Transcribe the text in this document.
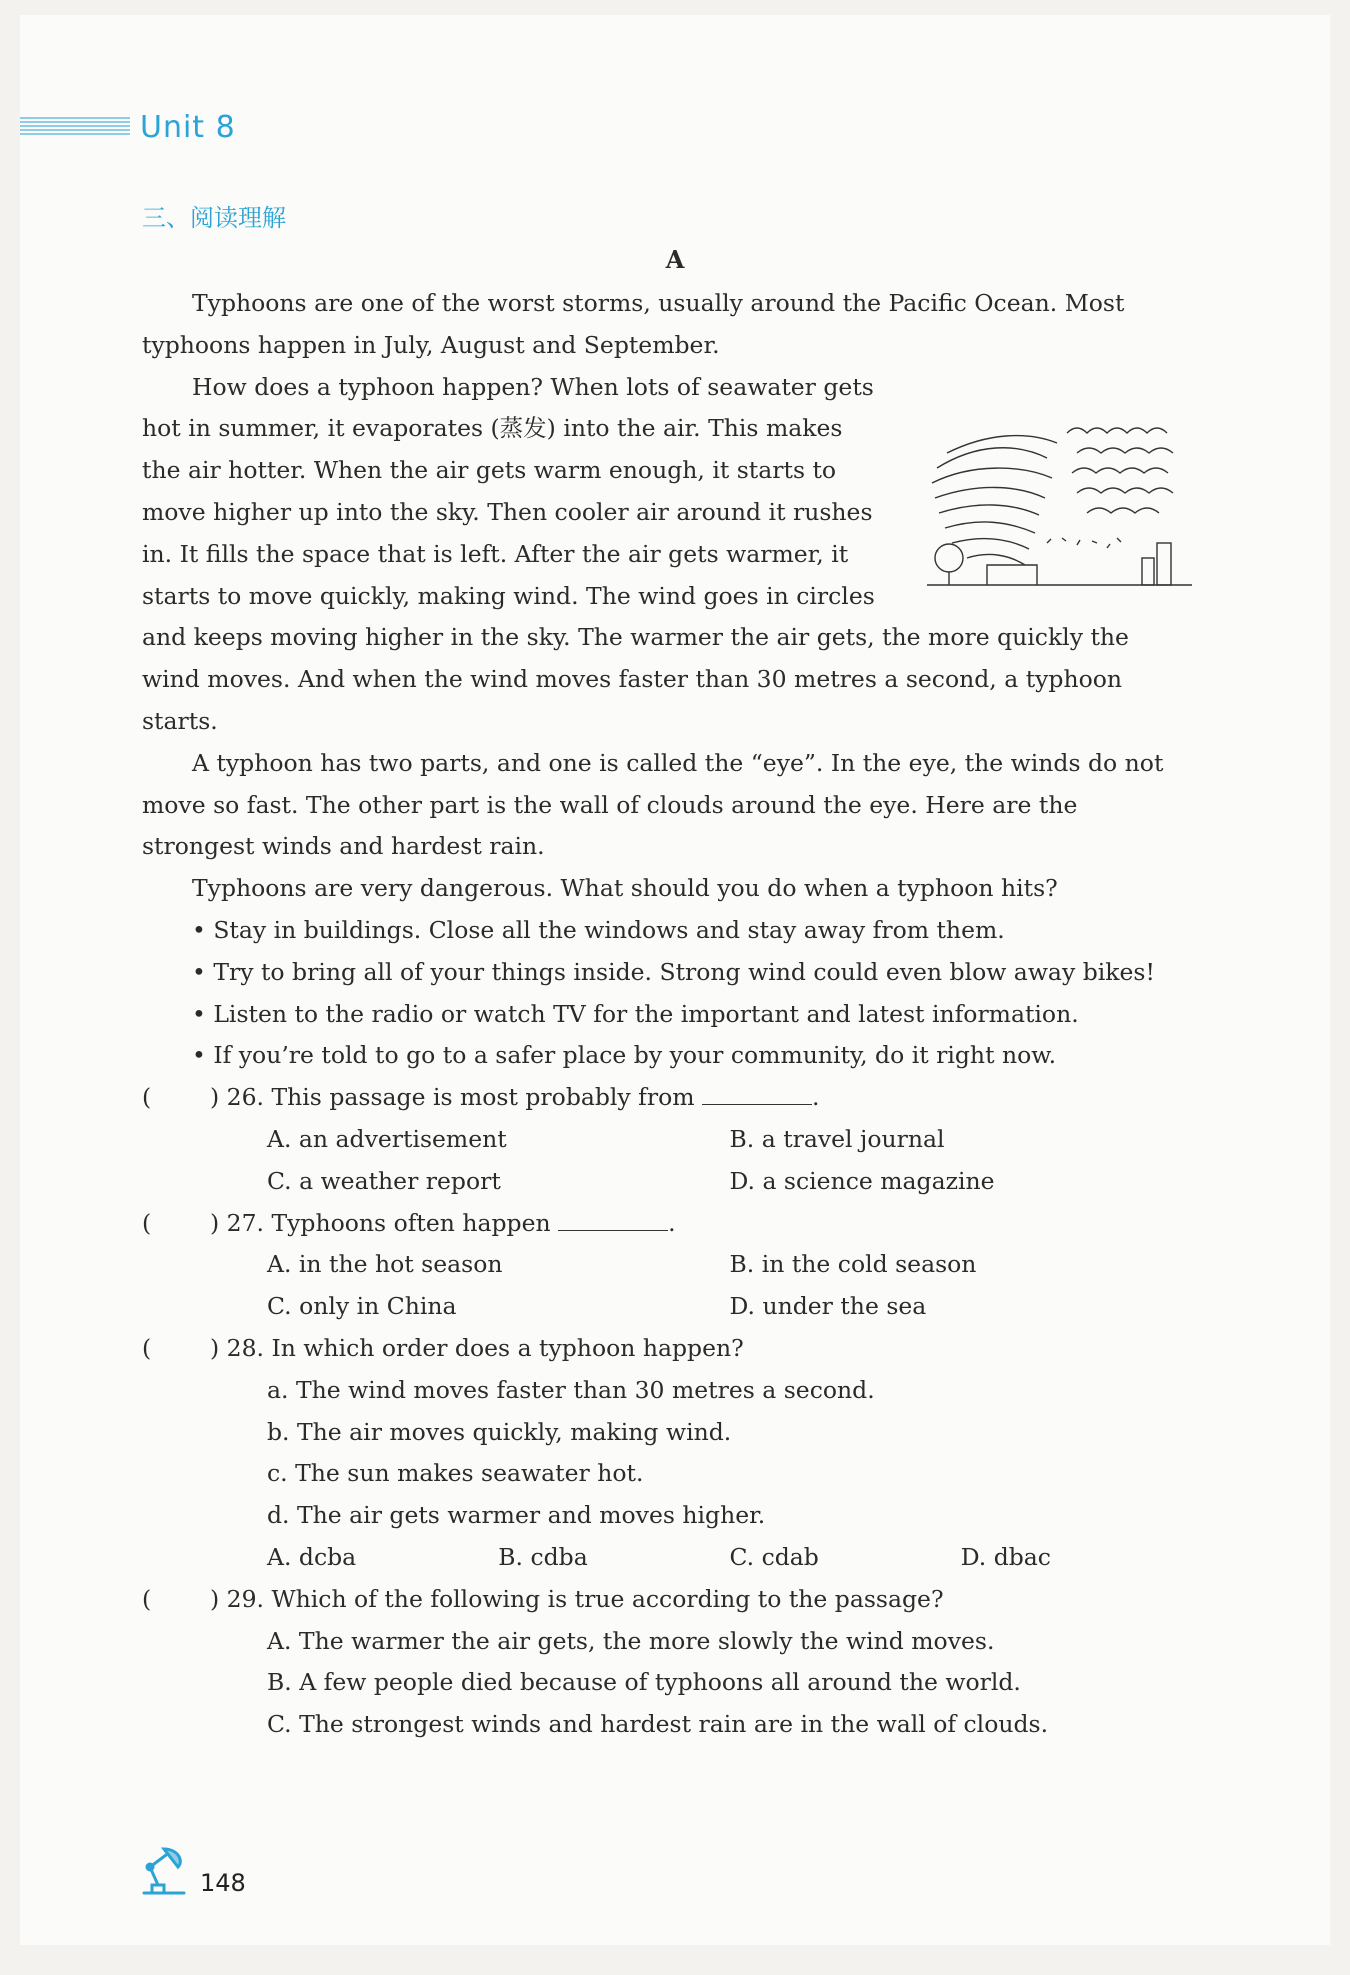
Unit 8
三、阅读理解
A

Typhoons are one of the worst storms, usually around the Pacific Ocean. Most typhoons happen in July, August and September.

How does a typhoon happen? When lots of seawater gets hot in summer, it evaporates (蒸发) into the air. This makes the air hotter. When the air gets warm enough, it starts to move higher up into the sky. Then cooler air around it rushes in. It fills the space that is left. After the air gets warmer, it starts to move quickly, making wind. The wind goes in circles and keeps moving higher in the sky. The warmer the air gets, the more quickly the wind moves. And when the wind moves faster than 30 metres a second, a typhoon starts.

A typhoon has two parts, and one is called the “eye”. In the eye, the winds do not move so fast. The other part is the wall of clouds around the eye. Here are the strongest winds and hardest rain.

Typhoons are very dangerous. What should you do when a typhoon hits?

• Stay in buildings. Close all the windows and stay away from them.

• Try to bring all of your things inside. Strong wind could even blow away bikes!

• Listen to the radio or watch TV for the important and latest information.

• If you’re told to go to a safer place by your community, do it right now.

(	) 26. This passage is most probably from	.

A. an advertisement	B. a travel journal
C. a weather report	D. a science magazine

(	) 27. Typhoons often happen	.

A. in the hot season	B. in the cold season
C. only in China	D. under the sea

(	) 28. In which order does a typhoon happen?

a. The wind moves faster than 30 metres a second.

b. The air moves quickly, making wind.

c. The sun makes seawater hot.

d. The air gets warmer and moves higher.

A. dcba	B. cdba	C. cdab	D. dbac

(	) 29. Which of the following is true according to the passage?

A. The warmer the air gets, the more slowly the wind moves.

B. A few people died because of typhoons all around the world.

C. The strongest winds and hardest rain are in the wall of clouds.

148
